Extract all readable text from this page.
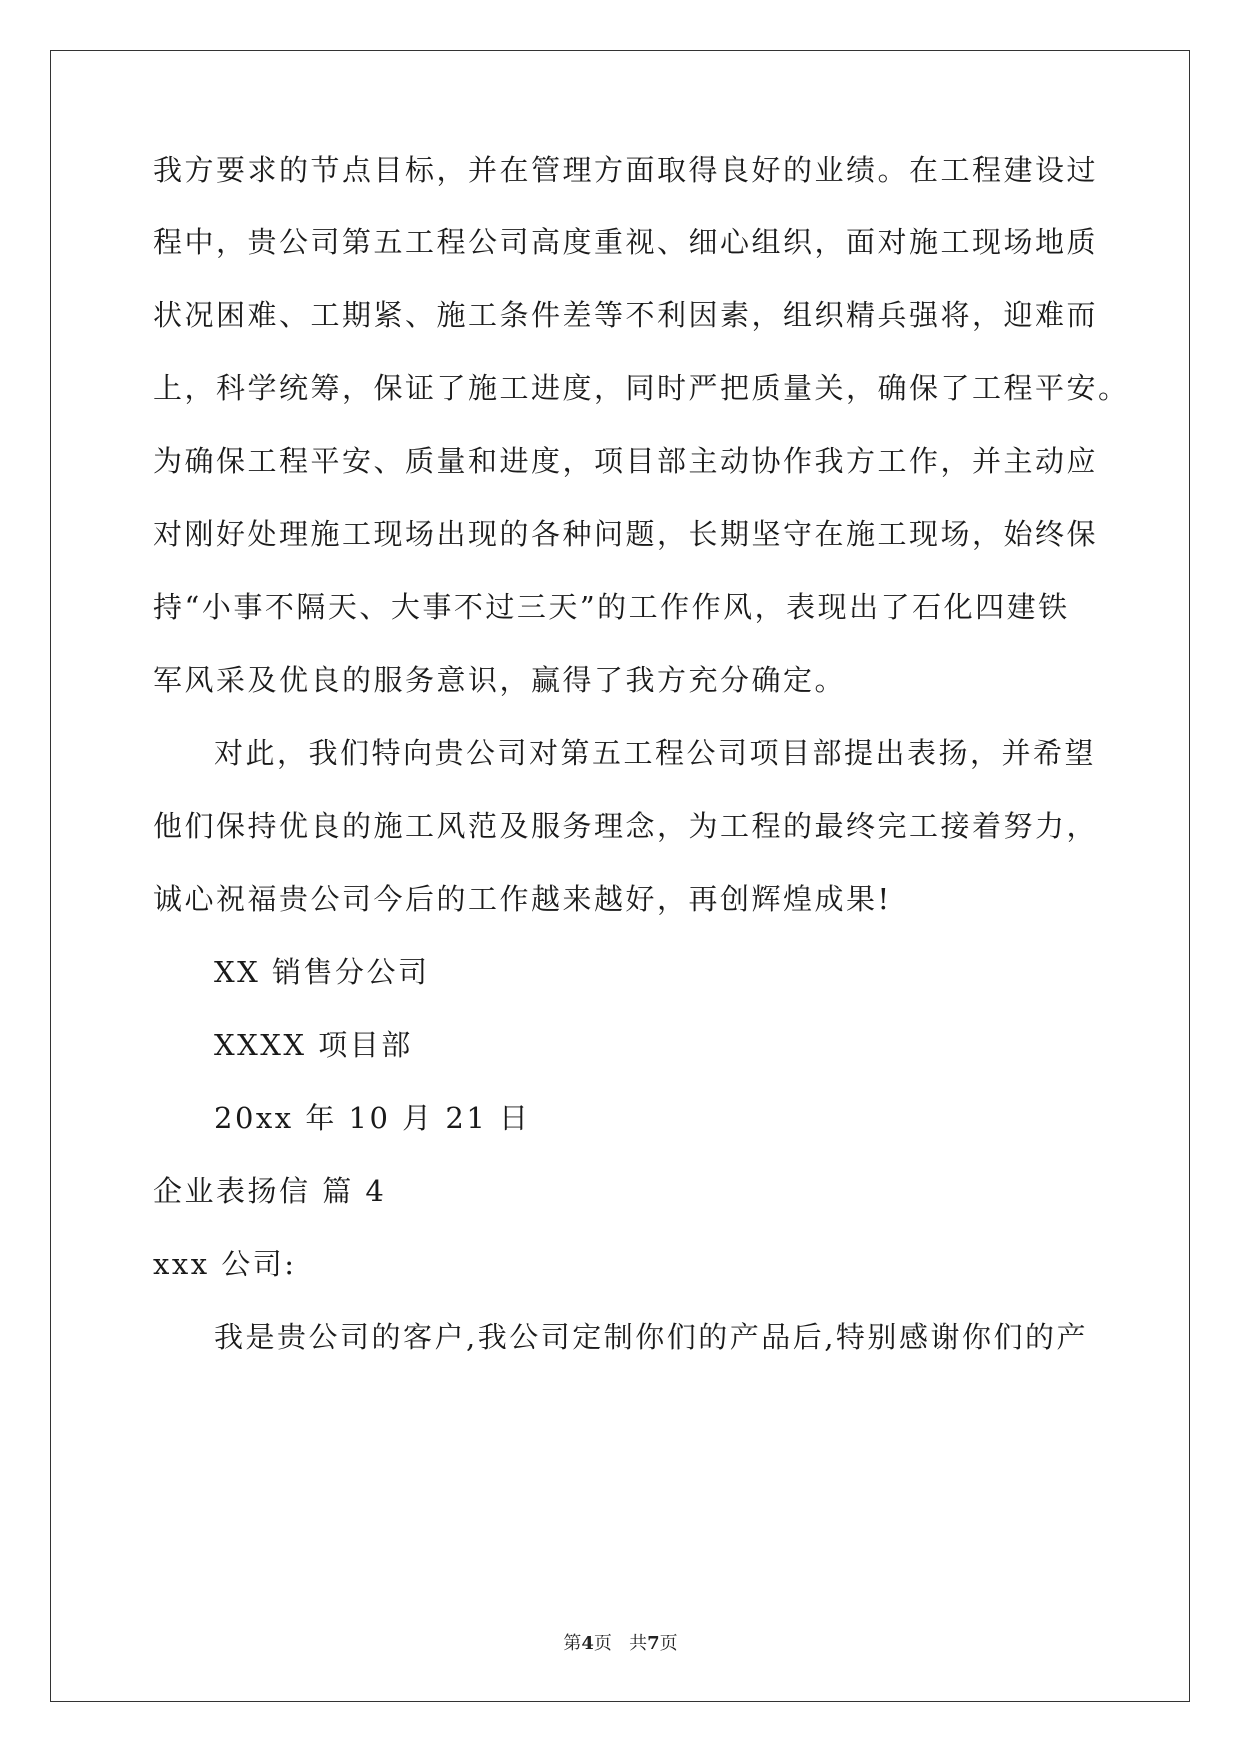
我方要求的节点目标，并在管理方面取得良好的业绩。在工程建设过
程中，贵公司第五工程公司高度重视、细心组织，面对施工现场地质
状况困难、工期紧、施工条件差等不利因素，组织精兵强将，迎难而
上，科学统筹，保证了施工进度，同时严把质量关，确保了工程平安。
为确保工程平安、质量和进度，项目部主动协作我方工作，并主动应
对刚好处理施工现场出现的各种问题，长期坚守在施工现场，始终保
持“小事不隔天、大事不过三天”的工作作风，表现出了石化四建铁
军风采及优良的服务意识，赢得了我方充分确定。
对此，我们特向贵公司对第五工程公司项目部提出表扬，并希望
他们保持优良的施工风范及服务理念，为工程的最终完工接着努力，
诚心祝福贵公司今后的工作越来越好，再创辉煌成果!
XX 销售分公司
XXXX 项目部
20xx 年 10 月 21 日
企业表扬信 篇 4
xxx 公司:
我是贵公司的客户,我公司定制你们的产品后,特别感谢你们的产
第4页 共7页
